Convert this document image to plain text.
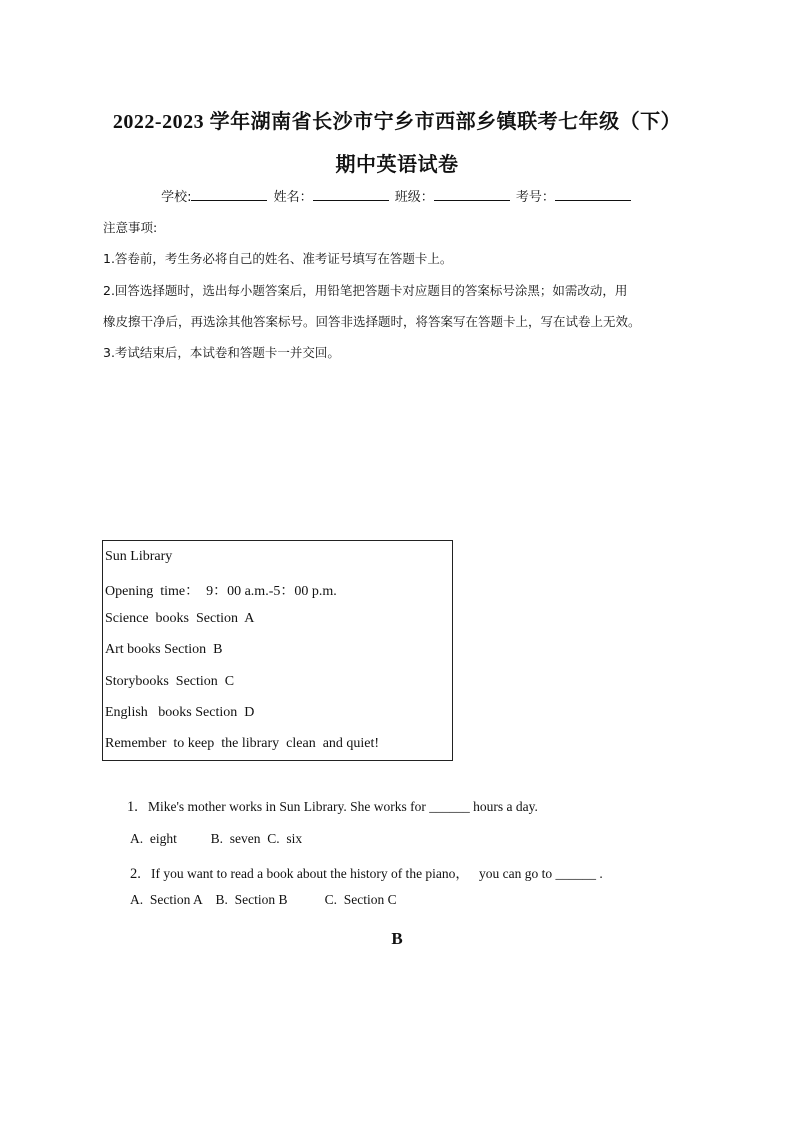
2022-2023 学年湖南省长沙市宁乡市西部乡镇联考七年级（下）
期中英语试卷
学校:	姓名：	班级：	考号：
注意事项:
1.答卷前，考生务必将自己的姓名、准考证号填写在答题卡上。
2.回答选择题时，选出每小题答案后，用铅笔把答题卡对应题目的答案标号涂黑；如需改动，用
橡皮擦干净后，再选涂其他答案标号。回答非选择题时，将答案写在答题卡上，写在试卷上无效。
3.考试结束后，本试卷和答题卡一并交回。
Sun Library
Opening  time：  9：00 a.m.-5：00 p.m.
Science  books  Section  A
Art books Section  B
Storybooks  Section  C
English   books Section  D
Remember  to keep  the library  clean  and quiet!
1. Mike's mother works in Sun Library. She works for ______ hours a day.
A.  eight          B.  seven  C.  six
2. If you want to read a book about the history of the piano，   you can go to ______ .
A.  Section A    B.  Section B           C.  Section C
B
